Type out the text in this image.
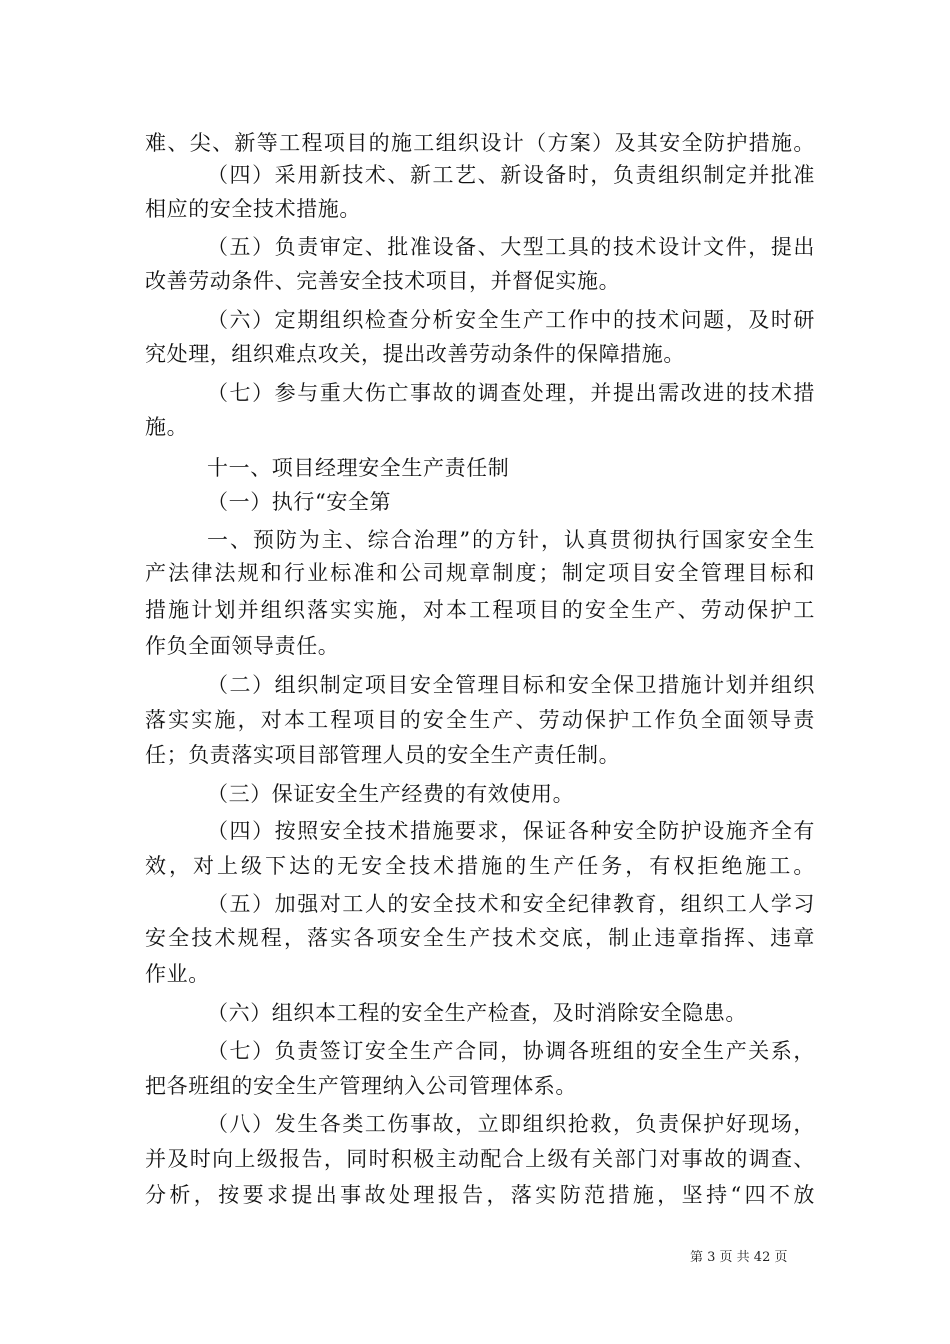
难、尖、新等工程项目的施工组织设计（方案）及其安全防护措施。
（四）采用新技术、新工艺、新设备时，负责组织制定并批准
相应的安全技术措施。
（五）负责审定、批准设备、大型工具的技术设计文件，提出
改善劳动条件、完善安全技术项目，并督促实施。
（六）定期组织检查分析安全生产工作中的技术问题，及时研
究处理，组织难点攻关，提出改善劳动条件的保障措施。
（七）参与重大伤亡事故的调查处理，并提出需改进的技术措
施。
十一、项目经理安全生产责任制
（一）执行“安全第
一、预防为主、综合治理”的方针，认真贯彻执行国家安全生
产法律法规和行业标准和公司规章制度；制定项目安全管理目标和
措施计划并组织落实实施，对本工程项目的安全生产、劳动保护工
作负全面领导责任。
（二）组织制定项目安全管理目标和安全保卫措施计划并组织
落实实施，对本工程项目的安全生产、劳动保护工作负全面领导责
任；负责落实项目部管理人员的安全生产责任制。
（三）保证安全生产经费的有效使用。
（四）按照安全技术措施要求，保证各种安全防护设施齐全有
效，对上级下达的无安全技术措施的生产任务，有权拒绝施工。
（五）加强对工人的安全技术和安全纪律教育，组织工人学习
安全技术规程，落实各项安全生产技术交底，制止违章指挥、违章
作业。
（六）组织本工程的安全生产检查，及时消除安全隐患。
（七）负责签订安全生产合同，协调各班组的安全生产关系，
把各班组的安全生产管理纳入公司管理体系。
（八）发生各类工伤事故，立即组织抢救，负责保护好现场，
并及时向上级报告，同时积极主动配合上级有关部门对事故的调查、
分析，按要求提出事故处理报告，落实防范措施，坚持“四不放
第 3 页 共 42 页
